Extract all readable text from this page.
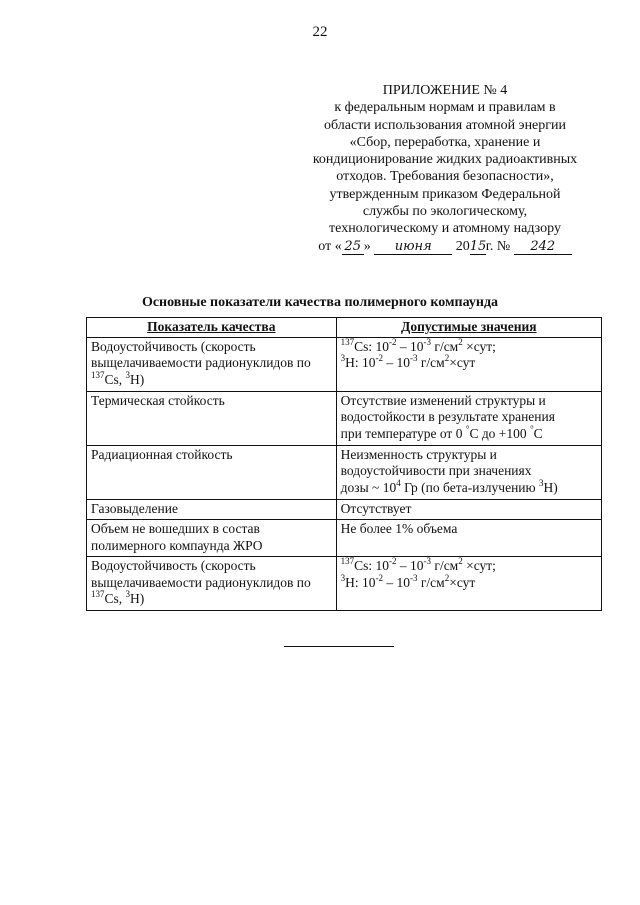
22
ПРИЛОЖЕНИЕ № 4
к федеральным нормам и правилам в
области использования атомной энергии
«Сбор, переработка, хранение и
кондиционирование жидких радиоактивных
отходов. Требования безопасности»,
утвержденным приказом Федеральной
службы по экологическому,
технологическому и атомному надзору
от « 25 » июня 2015г. № 242
Основные показатели качества полимерного компаунда
Показатель качества	Допустимые значения

Водоустойчивость (скорость
выщелачиваемости радионуклидов по
$^{137}$Cs, $^3$H)	$^{137}$Cs: $10^{-2} - 10^{-3}$ $г/см^2 \times сут$;
$^3$H: $10^{-2} - 10^{-3}$ $г/см^2\times сут$

Термическая стойкость	Отсутствие изменений структуры и
водостойкости в результате хранения
при температуре от 0 °C до +100 °C

Радиационная стойкость	Неизменность структуры и
водоустойчивости при значениях
дозы ~ $10^4$ Гр (по бета-излучению $^3$H)

Газовыделение	Отсутствует

Объем не вошедших в состав
полимерного компаунда ЖРО	Не более 1% объема

Водоустойчивость (скорость
выщелачиваемости радионуклидов по
$^{137}$Cs, $^3$H)	$^{137}$Cs: $10^{-2} - 10^{-3}$ $г/см^2 \times сут$;
$^3$H: $10^{-2} - 10^{-3}$ $г/см^2\times сут$
